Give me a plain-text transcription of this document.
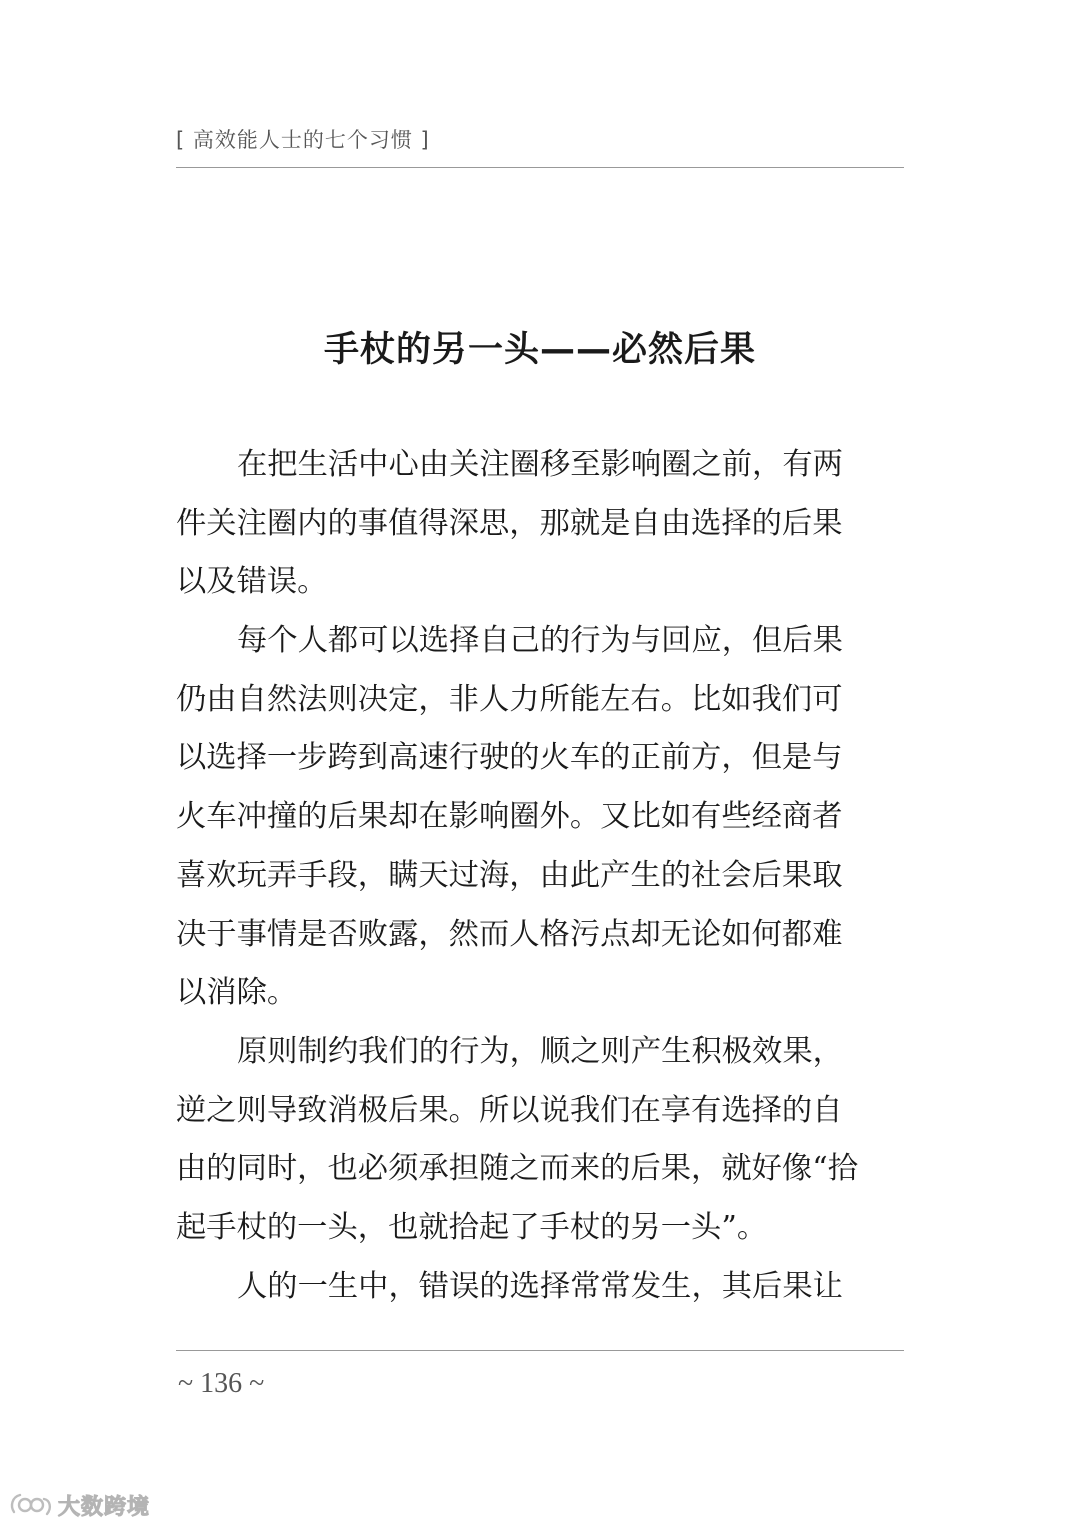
[ 高效能人士的七个习惯 ]
手杖的另一头——必然后果
在把生活中心由关注圈移至影响圈之前，有两
件关注圈内的事值得深思，那就是自由选择的后果
以及错误。
每个人都可以选择自己的行为与回应，但后果
仍由自然法则决定，非人力所能左右。比如我们可
以选择一步跨到高速行驶的火车的正前方，但是与
火车冲撞的后果却在影响圈外。又比如有些经商者
喜欢玩弄手段，瞒天过海，由此产生的社会后果取
决于事情是否败露，然而人格污点却无论如何都难
以消除。
原则制约我们的行为，顺之则产生积极效果，
逆之则导致消极后果。所以说我们在享有选择的自
由的同时，也必须承担随之而来的后果，就好像“拾
起手杖的一头，也就拾起了手杖的另一头”。
人的一生中，错误的选择常常发生，其后果让
~ 136 ~
大数跨境
